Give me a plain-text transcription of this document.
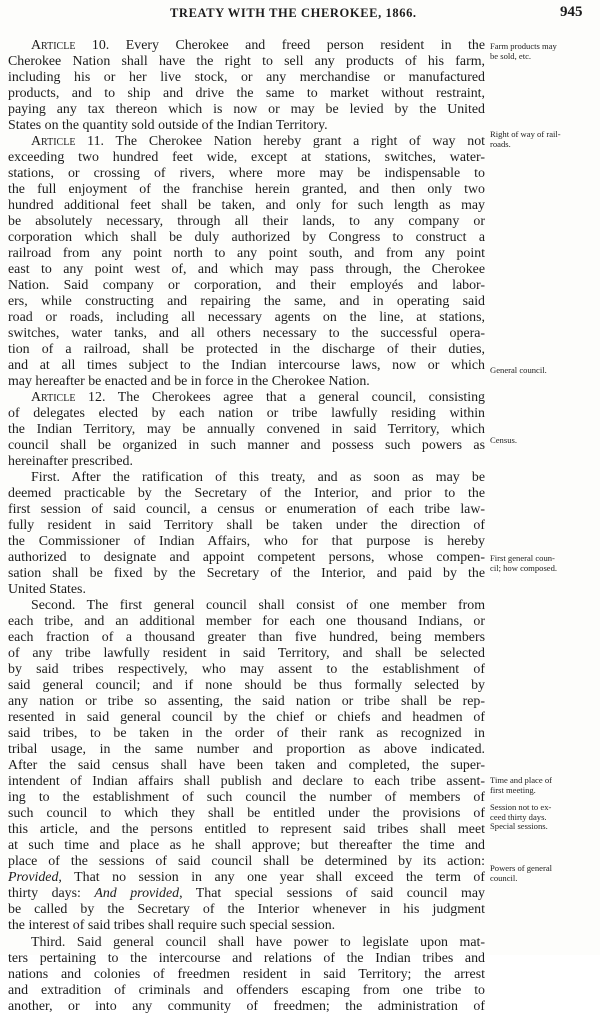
TREATY WITH THE CHEROKEE, 1866.	945
Article 10. Every Cherokee and freed person resident in the
Cherokee Nation shall have the right to sell any products of his farm,
including his or her live stock, or any merchandise or manufactured
products, and to ship and drive the same to market without restraint,
paying any tax thereon which is now or may be levied by the United
States on the quantity sold outside of the Indian Territory.
Article 11. The Cherokee Nation hereby grant a right of way not
exceeding two hundred feet wide, except at stations, switches, water-
stations, or crossing of rivers, where more may be indispensable to
the full enjoyment of the franchise herein granted, and then only two
hundred additional feet shall be taken, and only for such length as may
be absolutely necessary, through all their lands, to any company or
corporation which shall be duly authorized by Congress to construct a
railroad from any point north to any point south, and from any point
east to any point west of, and which may pass through, the Cherokee
Nation. Said company or corporation, and their employés and labor-
ers, while constructing and repairing the same, and in operating said
road or roads, including all necessary agents on the line, at stations,
switches, water tanks, and all others necessary to the successful opera-
tion of a railroad, shall be protected in the discharge of their duties,
and at all times subject to the Indian intercourse laws, now or which
may hereafter be enacted and be in force in the Cherokee Nation.
Article 12. The Cherokees agree that a general council, consisting
of delegates elected by each nation or tribe lawfully residing within
the Indian Territory, may be annually convened in said Territory, which
council shall be organized in such manner and possess such powers as
hereinafter prescribed.
First. After the ratification of this treaty, and as soon as may be
deemed practicable by the Secretary of the Interior, and prior to the
first session of said council, a census or enumeration of each tribe law-
fully resident in said Territory shall be taken under the direction of
the Commissioner of Indian Affairs, who for that purpose is hereby
authorized to designate and appoint competent persons, whose compen-
sation shall be fixed by the Secretary of the Interior, and paid by the
United States.
Second. The first general council shall consist of one member from
each tribe, and an additional member for each one thousand Indians, or
each fraction of a thousand greater than five hundred, being members
of any tribe lawfully resident in said Territory, and shall be selected
by said tribes respectively, who may assent to the establishment of
said general council; and if none should be thus formally selected by
any nation or tribe so assenting, the said nation or tribe shall be rep-
resented in said general council by the chief or chiefs and headmen of
said tribes, to be taken in the order of their rank as recognized in
tribal usage, in the same number and proportion as above indicated.
After the said census shall have been taken and completed, the super-
intendent of Indian affairs shall publish and declare to each tribe assent-
ing to the establishment of such council the number of members of
such council to which they shall be entitled under the provisions of
this article, and the persons entitled to represent said tribes shall meet
at such time and place as he shall approve; but thereafter the time and
place of the sessions of said council shall be determined by its action:
Provided, That no session in any one year shall exceed the term of
thirty days: And provided, That special sessions of said council may
be called by the Secretary of the Interior whenever in his judgment
the interest of said tribes shall require such special session.
Third. Said general council shall have power to legislate upon mat-
ters pertaining to the intercourse and relations of the Indian tribes and
nations and colonies of freedmen resident in said Territory; the arrest
and extradition of criminals and offenders escaping from one tribe to
another, or into any community of freedmen; the administration of
Farm products may
be sold, etc.
Right of way of rail-
roads.
General council.
Census.
First general coun-
cil; how composed.
Time and place of
first meeting.
Session not to ex-
ceed thirty days.
Special sessions.
Powers of general
council.
